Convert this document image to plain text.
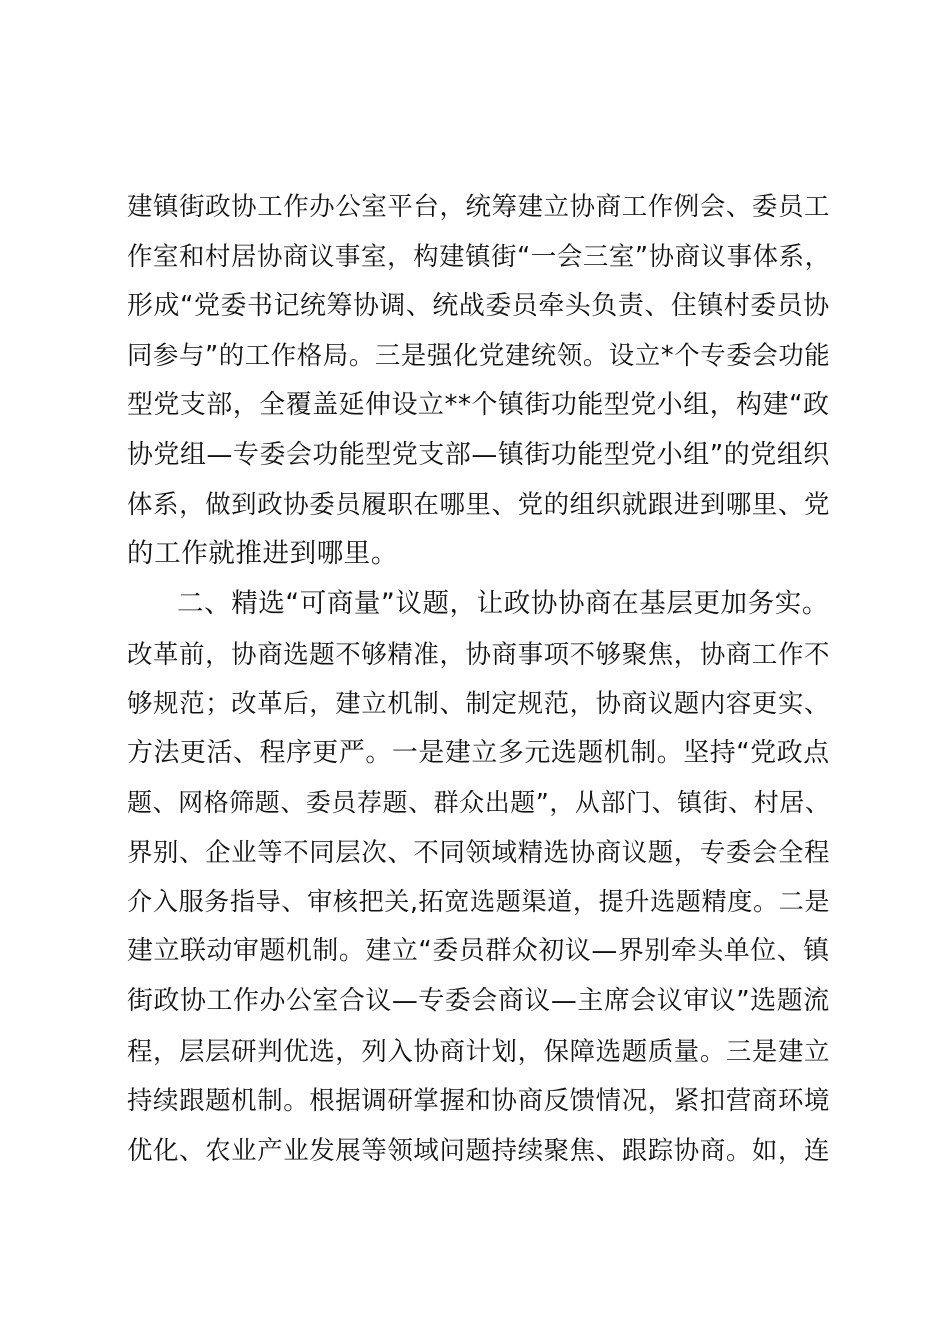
建镇街政协工作办公室平台，统筹建立协商工作例会、委员工
作室和村居协商议事室，构建镇街“一会三室”协商议事体系，
形成“党委书记统筹协调、统战委员牵头负责、住镇村委员协
同参与”的工作格局。三是强化党建统领。设立*个专委会功能
型党支部，全覆盖延伸设立**个镇街功能型党小组，构建“政
协党组—专委会功能型党支部—镇街功能型党小组”的党组织
体系，做到政协委员履职在哪里、党的组织就跟进到哪里、党
的工作就推进到哪里。
二、精选“可商量”议题，让政协协商在基层更加务实。
改革前，协商选题不够精准，协商事项不够聚焦，协商工作不
够规范；改革后，建立机制、制定规范，协商议题内容更实、
方法更活、程序更严。一是建立多元选题机制。坚持“党政点
题、网格筛题、委员荐题、群众出题”，从部门、镇街、村居、
界别、企业等不同层次、不同领域精选协商议题，专委会全程
介入服务指导、审核把关,拓宽选题渠道，提升选题精度。二是
建立联动审题机制。建立“委员群众初议—界别牵头单位、镇
街政协工作办公室合议—专委会商议—主席会议审议”选题流
程，层层研判优选，列入协商计划，保障选题质量。三是建立
持续跟题机制。根据调研掌握和协商反馈情况，紧扣营商环境
优化、农业产业发展等领域问题持续聚焦、跟踪协商。如，连
